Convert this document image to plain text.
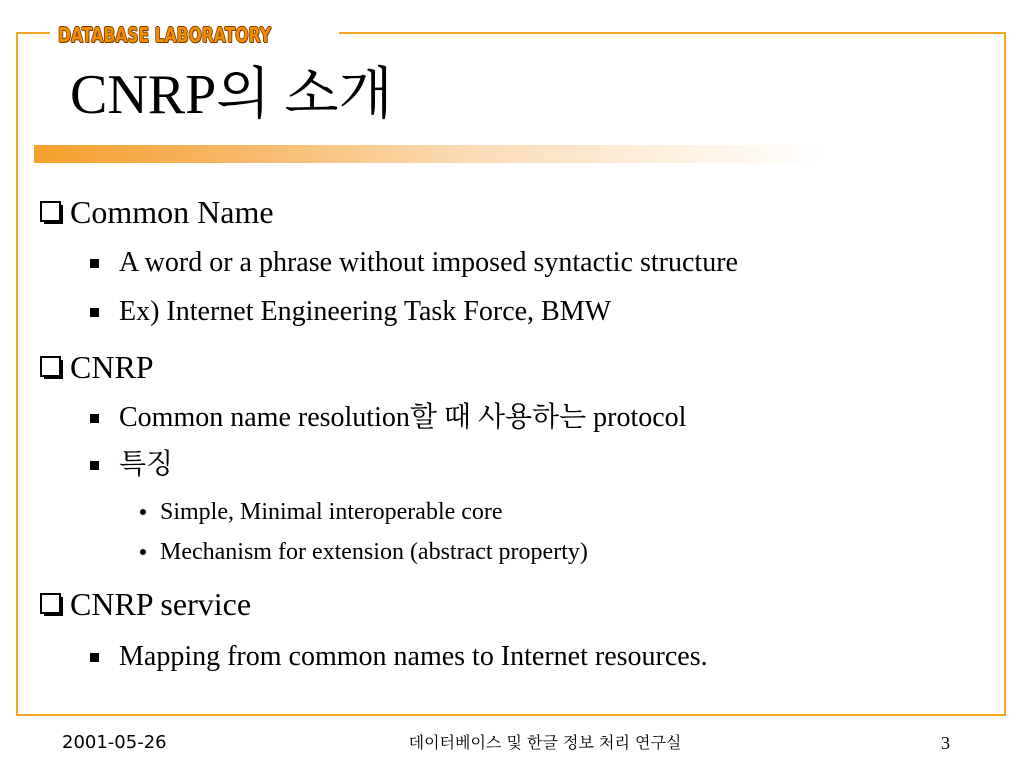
DATABASE LABORATORY
CNRP의 소개
Common Name
A word or a phrase without imposed syntactic structure
Ex) Internet Engineering Task Force, BMW
CNRP
Common name resolution할 때 사용하는 protocol
특징
Simple, Minimal interoperable core
Mechanism for extension (abstract property)
CNRP service
Mapping from common names to Internet resources.
2001-05-26	데이터베이스 및 한글 정보 처리 연구실	3
